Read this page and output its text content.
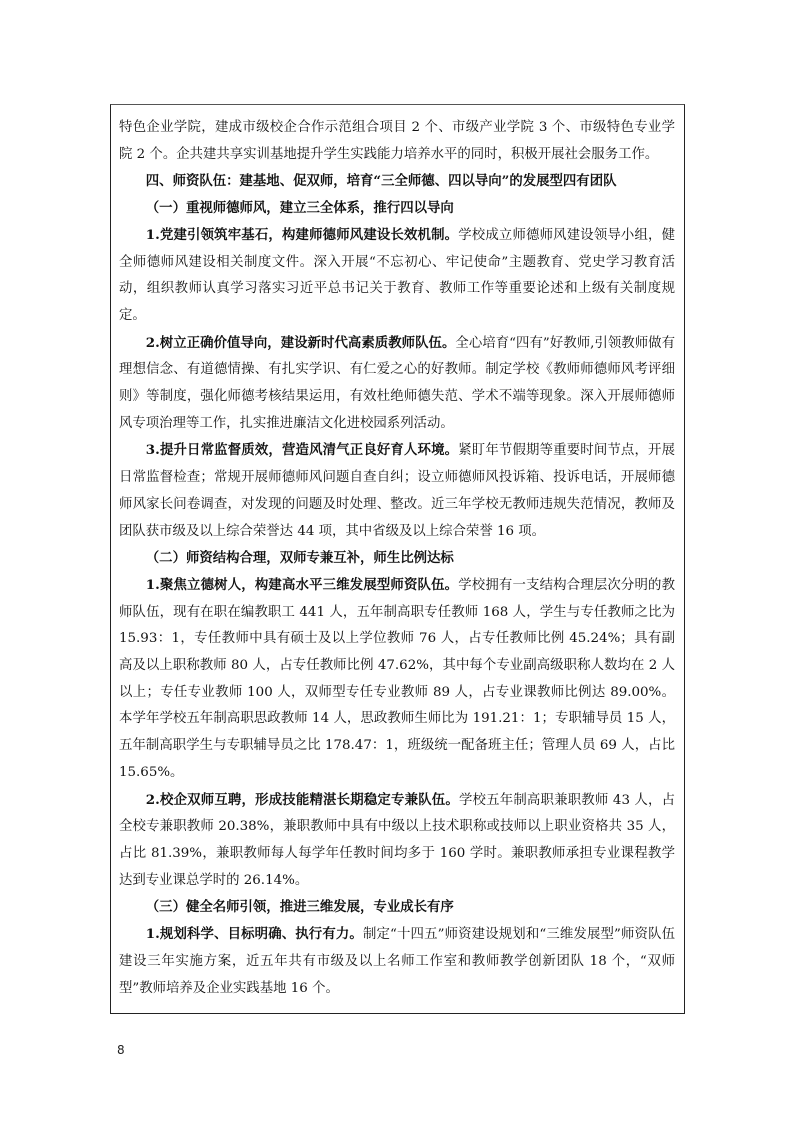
特色企业学院，建成市级校企合作示范组合项目 2 个、市级产业学院 3 个、市级特色专业学院 2 个。企共建共享实训基地提升学生实践能力培养水平的同时，积极开展社会服务工作。

四、师资队伍：建基地、促双师，培育“三全师德、四以导向”的发展型四有团队

（一）重视师德师风，建立三全体系，推行四以导向

1.党建引领筑牢基石，构建师德师风建设长效机制。学校成立师德师风建设领导小组，健全师德师风建设相关制度文件。深入开展“不忘初心、牢记使命”主题教育、党史学习教育活动，组织教师认真学习落实习近平总书记关于教育、教师工作等重要论述和上级有关制度规定。

2.树立正确价值导向，建设新时代高素质教师队伍。全心培育“四有”好教师,引领教师做有理想信念、有道德情操、有扎实学识、有仁爱之心的好教师。制定学校《教师师德师风考评细则》等制度，强化师德考核结果运用，有效杜绝师德失范、学术不端等现象。深入开展师德师风专项治理等工作，扎实推进廉洁文化进校园系列活动。

3.提升日常监督质效，营造风清气正良好育人环境。紧盯年节假期等重要时间节点，开展日常监督检查；常规开展师德师风问题自查自纠；设立师德师风投诉箱、投诉电话，开展师德师风家长问卷调查，对发现的问题及时处理、整改。近三年学校无教师违规失范情况，教师及团队获市级及以上综合荣誉达 44 项，其中省级及以上综合荣誉 16 项。

（二）师资结构合理，双师专兼互补，师生比例达标

1.聚焦立德树人，构建高水平三维发展型师资队伍。学校拥有一支结构合理层次分明的教师队伍，现有在职在编教职工 441 人，五年制高职专任教师 168 人，学生与专任教师之比为 15.93：1，专任教师中具有硕士及以上学位教师 76 人，占专任教师比例 45.24%；具有副高及以上职称教师 80 人，占专任教师比例 47.62%，其中每个专业副高级职称人数均在 2 人以上；专任专业教师 100 人，双师型专任专业教师 89 人，占专业课教师比例达 89.00%。本学年学校五年制高职思政教师 14 人，思政教师生师比为 191.21：1；专职辅导员 15 人，五年制高职学生与专职辅导员之比 178.47：1，班级统一配备班主任；管理人员 69 人，占比 15.65%。

2.校企双师互聘，形成技能精湛长期稳定专兼队伍。学校五年制高职兼职教师 43 人，占全校专兼职教师 20.38%，兼职教师中具有中级以上技术职称或技师以上职业资格共 35 人，占比 81.39%，兼职教师每人每学年任教时间均多于 160 学时。兼职教师承担专业课程教学达到专业课总学时的 26.14%。

（三）健全名师引领，推进三维发展，专业成长有序

1.规划科学、目标明确、执行有力。制定“十四五”师资建设规划和“三维发展型”师资队伍建设三年实施方案，近五年共有市级及以上名师工作室和教师教学创新团队 18 个，“双师型”教师培养及企业实践基地 16 个。

8
